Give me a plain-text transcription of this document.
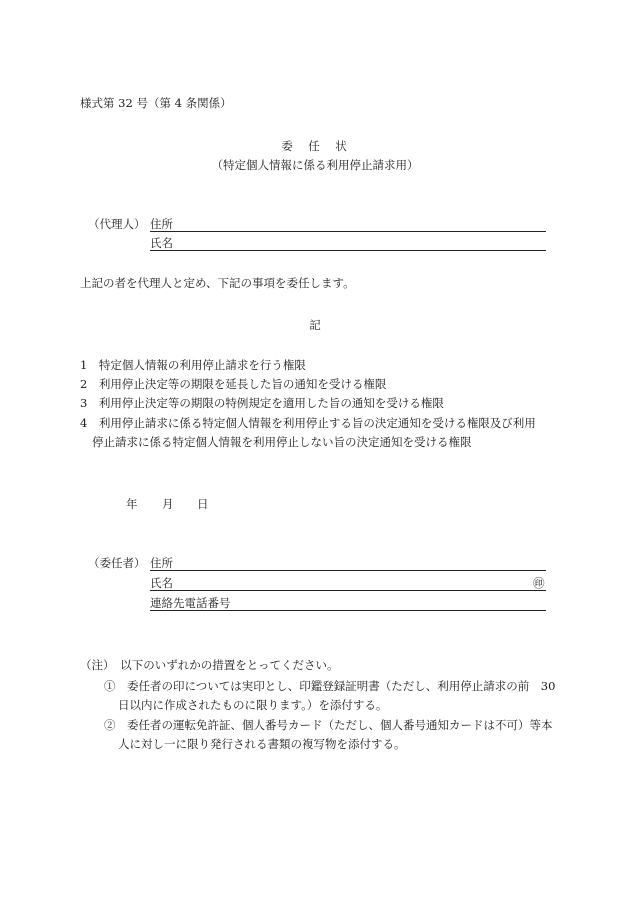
様式第 32 号（第 4 条関係）
委　任　状
（特定個人情報に係る利用停止請求用）
（代理人） 住所
氏名
上記の者を代理人と定め、下記の事項を委任します。
記
1　特定個人情報の利用停止請求を行う権限
2　利用停止決定等の期限を延長した旨の通知を受ける権限
3　利用停止決定等の期限の特例規定を適用した旨の通知を受ける権限
4　利用停止請求に係る特定個人情報を利用停止する旨の決定通知を受ける権限及び利用
停止請求に係る特定個人情報を利用停止しない旨の決定通知を受ける権限
年 月 日
（委任者） 住所
氏名	㊞
連絡先電話番号
（注）　以下のいずれかの措置をとってください。
①　委任者の印については実印とし、印鑑登録証明書（ただし、利用停止請求の前　30
日以内に作成されたものに限ります。）を添付する。
②　委任者の運転免許証、個人番号カード（ただし、個人番号通知カードは不可）等本
人に対し一に限り発行される書類の複写物を添付する。
